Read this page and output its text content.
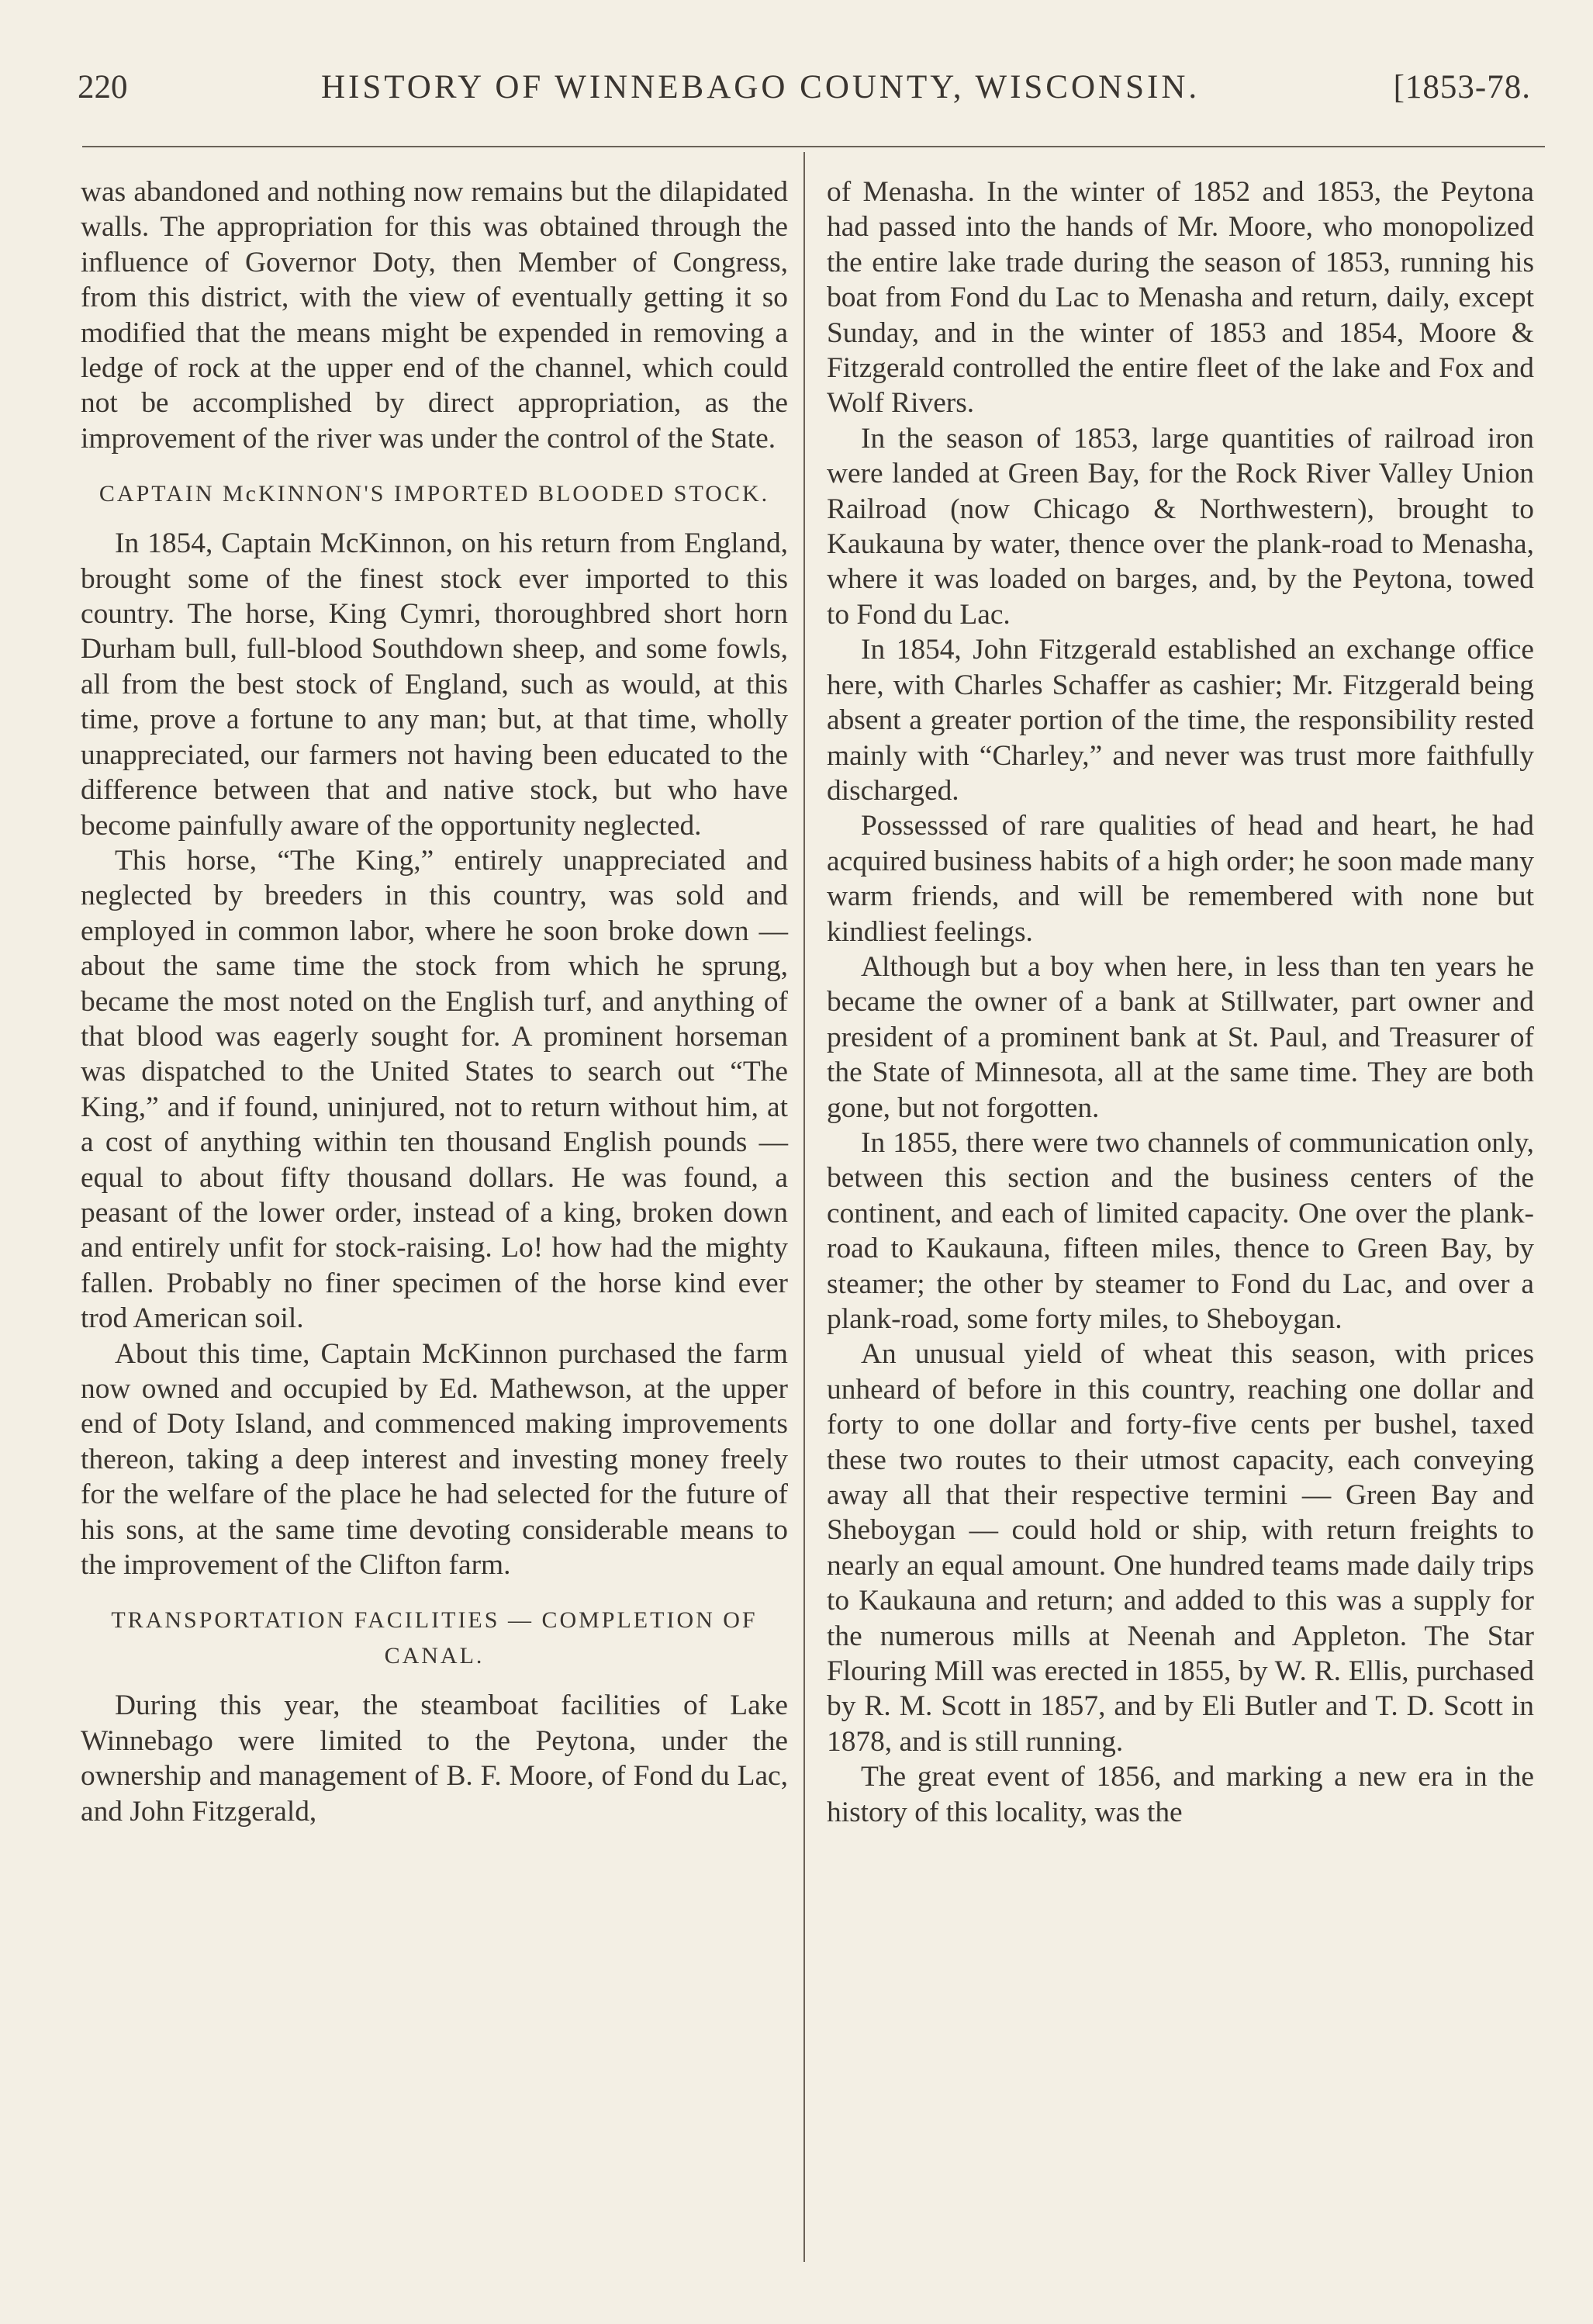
220	HISTORY OF WINNEBAGO COUNTY, WISCONSIN.	[1853-78.

was abandoned and nothing now remains but the dilapidated walls. The appropriation for this was obtained through the influence of Governor Doty, then Member of Congress, from this district, with the view of eventually getting it so modified that the means might be expended in removing a ledge of rock at the upper end of the channel, which could not be accomplished by direct appropriation, as the improvement of the river was under the control of the State.

CAPTAIN McKINNON'S IMPORTED BLOODED STOCK.

In 1854, Captain McKinnon, on his return from England, brought some of the finest stock ever imported to this country. The horse, King Cymri, thoroughbred short horn Durham bull, full-blood Southdown sheep, and some fowls, all from the best stock of England, such as would, at this time, prove a fortune to any man; but, at that time, wholly unappreciated, our farmers not having been educated to the difference between that and native stock, but who have become painfully aware of the opportunity neglected.

This horse, “The King,” entirely unappreciated and neglected by breeders in this country, was sold and employed in common labor, where he soon broke down — about the same time the stock from which he sprung, became the most noted on the English turf, and anything of that blood was eagerly sought for. A prominent horseman was dispatched to the United States to search out “The King,” and if found, uninjured, not to return without him, at a cost of anything within ten thousand English pounds — equal to about fifty thousand dollars. He was found, a peasant of the lower order, instead of a king, broken down and entirely unfit for stock-raising. Lo! how had the mighty fallen. Probably no finer specimen of the horse kind ever trod American soil.

About this time, Captain McKinnon purchased the farm now owned and occupied by Ed. Mathewson, at the upper end of Doty Island, and commenced making improvements thereon, taking a deep interest and investing money freely for the welfare of the place he had selected for the future of his sons, at the same time devoting considerable means to the improvement of the Clifton farm.

TRANSPORTATION FACILITIES — COMPLETION OF CANAL.

During this year, the steamboat facilities of Lake Winnebago were limited to the Peytona, under the ownership and management of B. F. Moore, of Fond du Lac, and John Fitzgerald,

of Menasha. In the winter of 1852 and 1853, the Peytona had passed into the hands of Mr. Moore, who monopolized the entire lake trade during the season of 1853, running his boat from Fond du Lac to Menasha and return, daily, except Sunday, and in the winter of 1853 and 1854, Moore & Fitzgerald controlled the entire fleet of the lake and Fox and Wolf Rivers.

In the season of 1853, large quantities of railroad iron were landed at Green Bay, for the Rock River Valley Union Railroad (now Chicago & Northwestern), brought to Kaukauna by water, thence over the plank-road to Menasha, where it was loaded on barges, and, by the Peytona, towed to Fond du Lac.

In 1854, John Fitzgerald established an exchange office here, with Charles Schaffer as cashier; Mr. Fitzgerald being absent a greater portion of the time, the responsibility rested mainly with “Charley,” and never was trust more faithfully discharged.

Possesssed of rare qualities of head and heart, he had acquired business habits of a high order; he soon made many warm friends, and will be remembered with none but kindliest feelings.

Although but a boy when here, in less than ten years he became the owner of a bank at Stillwater, part owner and president of a prominent bank at St. Paul, and Treasurer of the State of Minnesota, all at the same time. They are both gone, but not forgotten.

In 1855, there were two channels of communication only, between this section and the business centers of the continent, and each of limited capacity. One over the plank-road to Kaukauna, fifteen miles, thence to Green Bay, by steamer; the other by steamer to Fond du Lac, and over a plank-road, some forty miles, to Sheboygan.

An unusual yield of wheat this season, with prices unheard of before in this country, reaching one dollar and forty to one dollar and forty-five cents per bushel, taxed these two routes to their utmost capacity, each conveying away all that their respective termini — Green Bay and Sheboygan — could hold or ship, with return freights to nearly an equal amount. One hundred teams made daily trips to Kaukauna and return; and added to this was a supply for the numerous mills at Neenah and Appleton. The Star Flouring Mill was erected in 1855, by W. R. Ellis, purchased by R. M. Scott in 1857, and by Eli Butler and T. D. Scott in 1878, and is still running.

The great event of 1856, and marking a new era in the history of this locality, was the
